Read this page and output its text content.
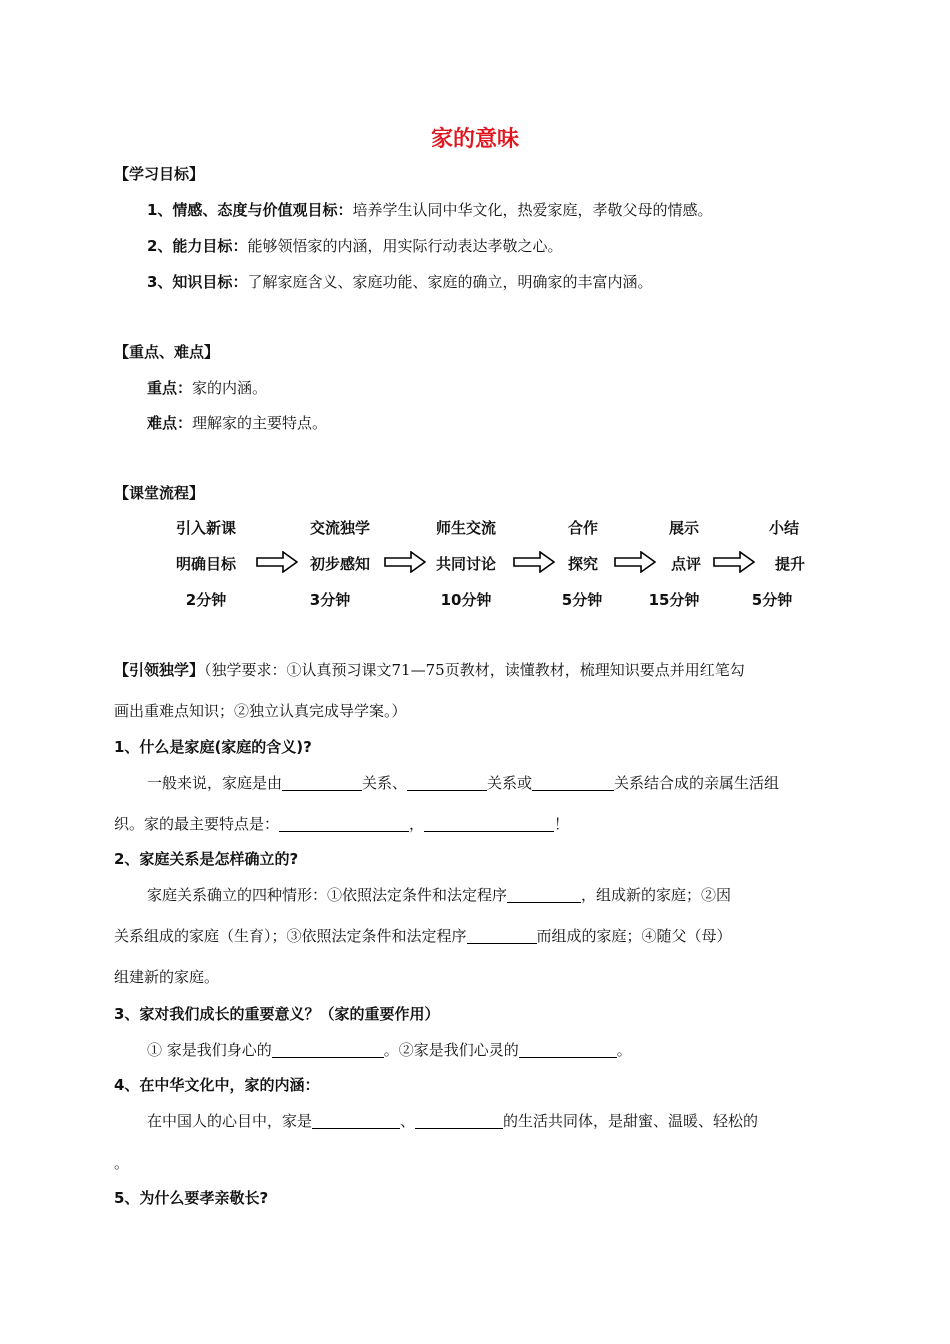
家的意味
【学习目标】
1、情感、态度与价值观目标：培养学生认同中华文化，热爱家庭，孝敬父母的情感。
2、能力目标：能够领悟家的内涵，用实际行动表达孝敬之心。
3、知识目标：了解家庭含义、家庭功能、家庭的确立，明确家的丰富内涵。
【重点、难点】
重点：家的内涵。
难点：理解家的主要特点。
【课堂流程】
引入新课
明确目标
2分钟
交流独学
初步感知
3分钟
师生交流
共同讨论
10分钟
合作
探究
5分钟
展示
点评
15分钟
小结
提升
5分钟
【引领独学】（独学要求：①认真预习课文71—75页教材，读懂教材，梳理知识要点并用红笔勾
画出重难点知识；②独立认真完成导学案。）
1、什么是家庭(家庭的含义)?
一般来说，家庭是由	关系、	关系或	关系结合成的亲属生活组
织。家的最主要特点是：	，	！
2、家庭关系是怎样确立的?
家庭关系确立的四种情形：①依照法定条件和法定程序	，组成新的家庭；②因
关系组成的家庭（生育）；③依照法定条件和法定程序	而组成的家庭；④随父（母）
组建新的家庭。
3、家对我们成长的重要意义？（家的重要作用）
① 家是我们身心的	。②家是我们心灵的	。
4、在中华文化中，家的内涵：
在中国人的心目中，家是	、	的生活共同体，是甜蜜、温暖、轻松的
。
5、为什么要孝亲敬长?
